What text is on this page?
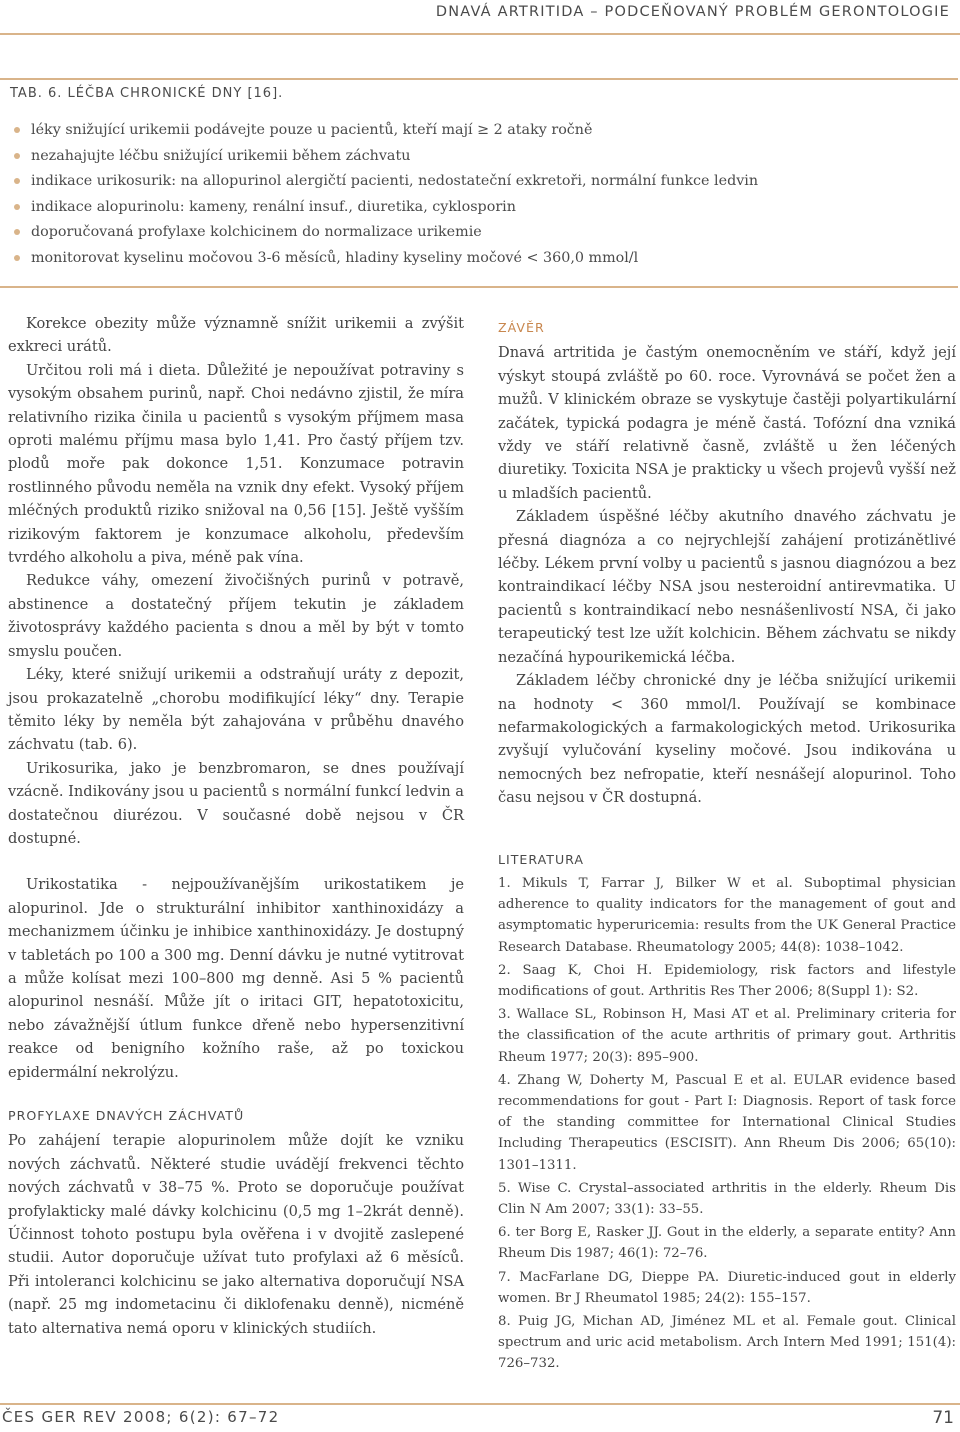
DNAVÁ ARTRITIDA – PODCEŇOVANÝ PROBLÉM GERONTOLOGIE
TAB. 6. LÉČBA CHRONICKÉ DNY [16].
léky snižující urikemii podávejte pouze u pacientů, kteří mají ≥ 2 ataky ročně
nezahajujte léčbu snižující urikemii během záchvatu
indikace urikosurik: na allopurinol alergičtí pacienti, nedostateční exkretoři, normální funkce ledvin
indikace alopurinolu: kameny, renální insuf., diuretika, cyklosporin
doporučovaná profylaxe kolchicinem do normalizace urikemie
monitorovat kyselinu močovou 3-6 měsíců, hladiny kyseliny močové < 360,0 mmol/l

Korekce obezity může významně snížit urikemii a zvýšit exkreci urátů.

Určitou roli má i dieta. Důležité je nepoužívat potraviny s vysokým obsahem purinů, např. Choi nedávno zjistil, že míra relativního rizika činila u pacientů s vysokým příjmem masa oproti malému příjmu masa bylo 1,41. Pro častý příjem tzv. plodů moře pak dokonce 1,51. Konzumace potravin rostlinného původu neměla na vznik dny efekt. Vysoký příjem mléčných produktů riziko snižoval na 0,56 [15]. Ještě vyšším rizikovým faktorem je konzumace alkoholu, především tvrdého alkoholu a piva, méně pak vína.

Redukce váhy, omezení živočišných purinů v potravě, abstinence a dostatečný příjem tekutin je základem životosprávy každého pacienta s dnou a měl by být v tomto smyslu poučen.

Léky, které snižují urikemii a odstraňují uráty z depozit, jsou prokazatelně „chorobu modifikující léky“ dny. Terapie těmito léky by neměla být zahajována v průběhu dnavého záchvatu (tab. 6).

Urikosurika, jako je benzbromaron, se dnes používají vzácně. Indikovány jsou u pacientů s normální funkcí ledvin a dostatečnou diurézou. V současné době nejsou v ČR dostupné.

Urikostatika - nejpoužívanějším urikostatikem je alopurinol. Jde o strukturální inhibitor xanthinoxidázy a mechanizmem účinku je inhibice xanthinoxidázy. Je dostupný v tabletách po 100 a 300 mg. Denní dávku je nutné vytitrovat a může kolísat mezi 100–800 mg denně. Asi 5 % pacientů alopurinol nesnáší. Může jít o iritaci GIT, hepatotoxicitu, nebo závažnější útlum funkce dřeně nebo hypersenzitivní reakce od benigního kožního raše, až po toxickou epidermální nekrolýzu.

PROFYLAXE DNAVÝCH ZÁCHVATŮ

Po zahájení terapie alopurinolem může dojít ke vzniku nových záchvatů. Některé studie uvádějí frekvenci těchto nových záchvatů v 38–75 %. Proto se doporučuje používat profylakticky malé dávky kolchicinu (0,5 mg 1–2krát denně). Účinnost tohoto postupu byla ověřena i v dvojitě zaslepené studii. Autor doporučuje užívat tuto profylaxi až 6 měsíců. Při intoleranci kolchicinu se jako alternativa doporučují NSA (např. 25 mg indometacinu či diklofenaku denně), nicméně tato alternativa nemá oporu v klinických studiích.

ZÁVĚR

Dnavá artritida je častým onemocněním ve stáří, když její výskyt stoupá zvláště po 60. roce. Vyrovnává se počet žen a mužů. V klinickém obraze se vyskytuje častěji polyartikulární začátek, typická podagra je méně častá. Tofózní dna vzniká vždy ve stáří relativně časně, zvláště u žen léčených diuretiky. Toxicita NSA je prakticky u všech projevů vyšší než u mladších pacientů.

Základem úspěšné léčby akutního dnavého záchvatu je přesná diagnóza a co nejrychlejší zahájení protizánětlivé léčby. Lékem první volby u pacientů s jasnou diagnózou a bez kontraindikací léčby NSA jsou nesteroidní antirevmatika. U pacientů s kontraindikací nebo nesnášenlivostí NSA, či jako terapeutický test lze užít kolchicin. Během záchvatu se nikdy nezačíná hypourikemická léčba.

Základem léčby chronické dny je léčba snižující urikemii na hodnoty < 360 mmol/l. Používají se kombinace nefarmakologických a farmakologických metod. Urikosurika zvyšují vylučování kyseliny močové. Jsou indikována u nemocných bez nefropatie, kteří nesnášejí alopurinol. Toho času nejsou v ČR dostupná.

LITERATURA

1. Mikuls T, Farrar J, Bilker W et al. Suboptimal physician adherence to quality indicators for the management of gout and asymptomatic hyperuricemia: results from the UK General Practice Research Database. Rheumatology 2005; 44(8): 1038–1042.

2. Saag K, Choi H. Epidemiology, risk factors and lifestyle modifications of gout. Arthritis Res Ther 2006; 8(Suppl 1): S2.

3. Wallace SL, Robinson H, Masi AT et al. Preliminary criteria for the classification of the acute arthritis of primary gout. Arthritis Rheum 1977; 20(3): 895–900.

4. Zhang W, Doherty M, Pascual E et al. EULAR evidence based recommendations for gout - Part I: Diagnosis. Report of task force of the standing committee for International Clinical Studies Including Therapeutics (ESCISIT). Ann Rheum Dis 2006; 65(10): 1301–1311.

5. Wise C. Crystal–associated arthritis in the elderly. Rheum Dis Clin N Am 2007; 33(1): 33–55.

6. ter Borg E, Rasker JJ. Gout in the elderly, a separate entity? Ann Rheum Dis 1987; 46(1): 72–76.

7. MacFarlane DG, Dieppe PA. Diuretic-induced gout in elderly women. Br J Rheumatol 1985; 24(2): 155–157.

8. Puig JG, Michan AD, Jiménez ML et al. Female gout. Clinical spectrum and uric acid metabolism. Arch Intern Med 1991; 151(4): 726–732.

ČES GER REV 2008; 6(2): 67–72	71
